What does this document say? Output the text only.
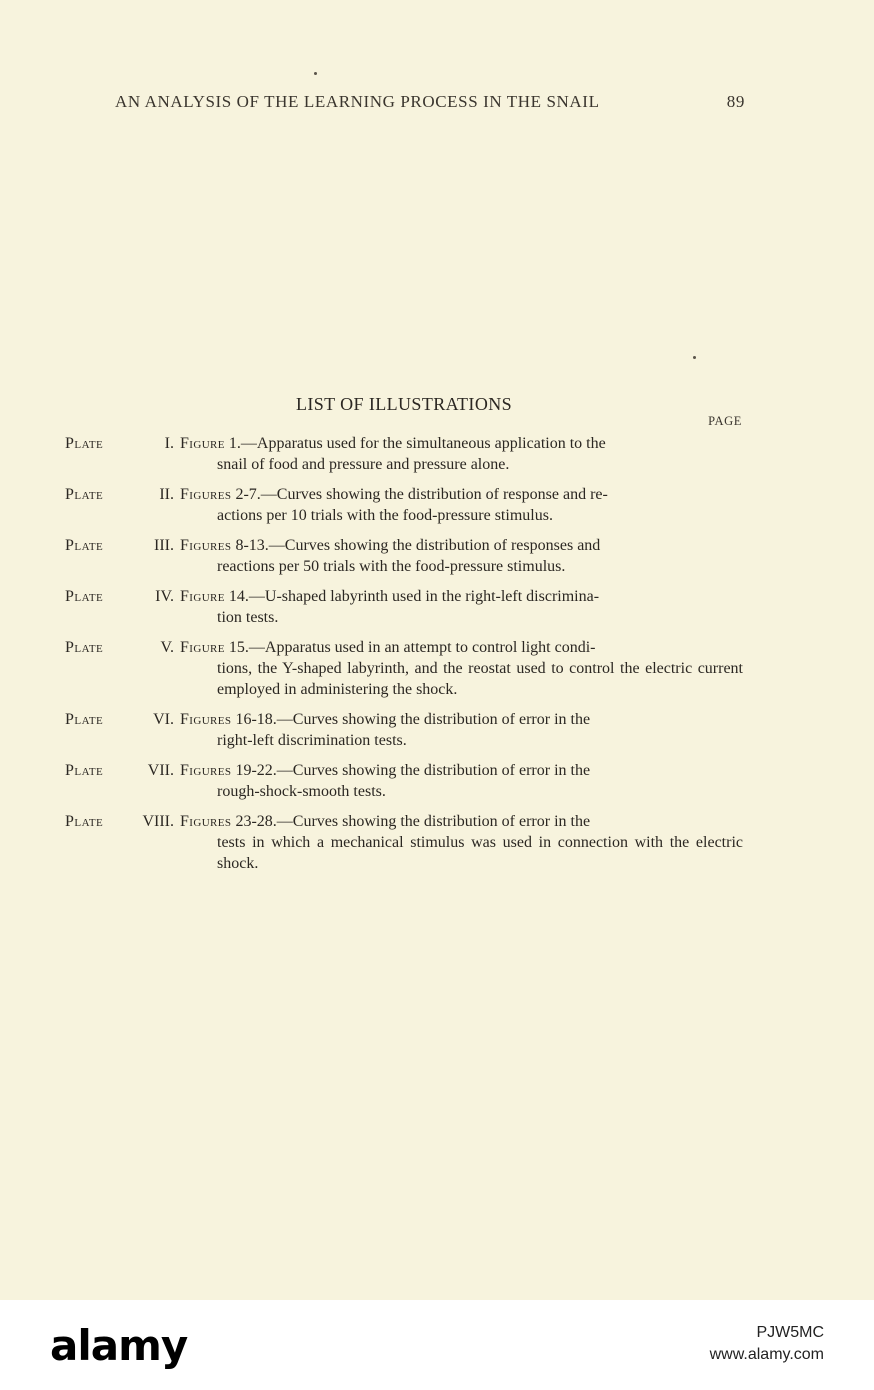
AN ANALYSIS OF THE LEARNING PROCESS IN THE SNAIL	89
LIST OF ILLUSTRATIONS
PAGE
Plate	I. Figure 1.—Apparatus used for the simultaneous application to the
snail of food and pressure and pressure alone.
Plate	II. Figures 2-7.—Curves showing the distribution of response and re-
actions per 10 trials with the food-pressure stimulus.
Plate	III. Figures 8-13.—Curves showing the distribution of responses and
reactions per 50 trials with the food-pressure stimulus.
Plate	IV. Figure 14.—U-shaped labyrinth used in the right-left discrimina-
tion tests.
Plate	V. Figure 15.—Apparatus used in an attempt to control light condi-
tions, the Y-shaped labyrinth, and the reostat used to control the electric current employed in administering the shock.
Plate	VI. Figures 16-18.—Curves showing the distribution of error in the
right-left discrimination tests.
Plate	VII. Figures 19-22.—Curves showing the distribution of error in the
rough-shock-smooth tests.
Plate VIII. Figures 23-28.—Curves showing the distribution of error in the
tests in which a mechanical stimulus was used in connection with the electric shock.
alamy	PJW5MC
www.alamy.com
